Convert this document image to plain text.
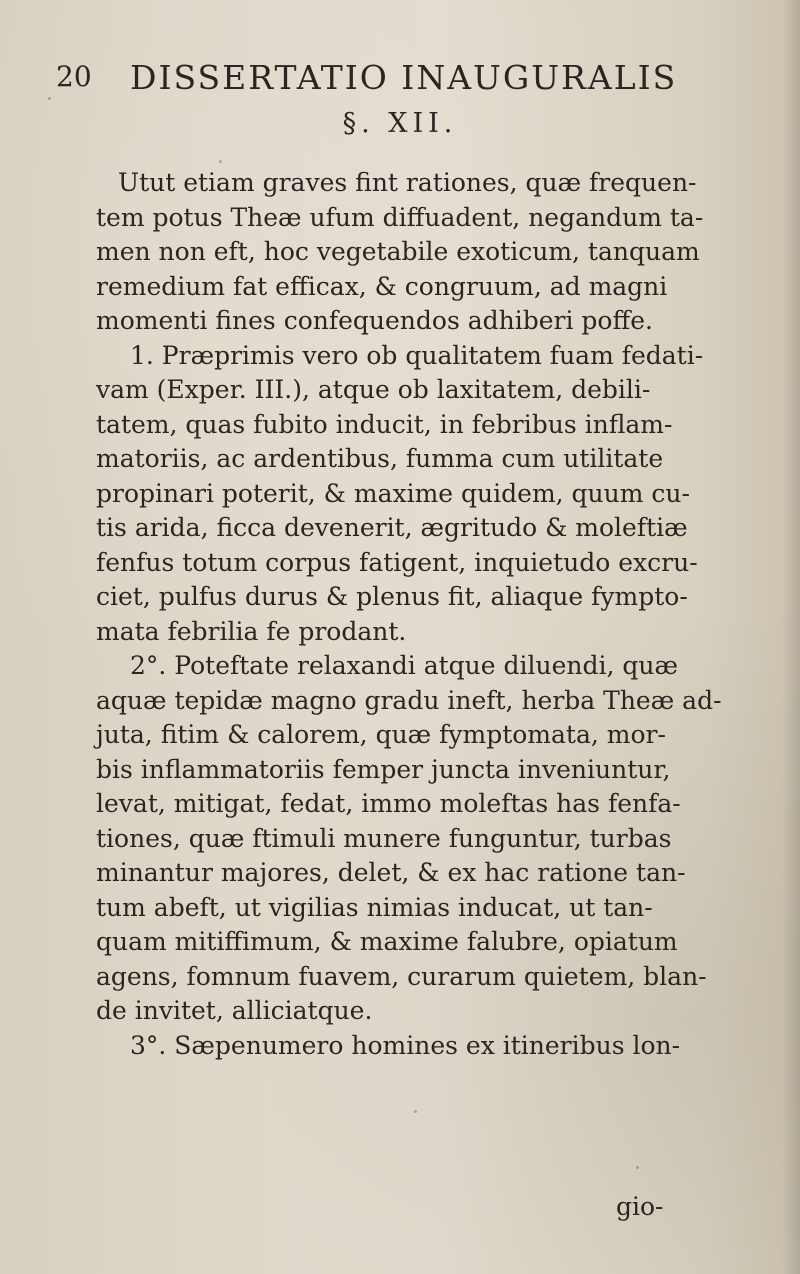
20 DISSERTATIO INAUGURALIS
§. XII.
Utut etiam graves fint rationes, quæ frequen-
tem potus Theæ ufum diffuadent, negandum ta-
men non eft, hoc vegetabile exoticum, tanquam
remedium fat efficax, & congruum, ad magni
momenti fines confequendos adhiberi poffe.
1. Præprimis vero ob qualitatem fuam fedati-
vam (Exper. III.), atque ob laxitatem, debili-
tatem, quas fubito inducit, in febribus inflam-
matoriis, ac ardentibus, fumma cum utilitate
propinari poterit, & maxime quidem, quum cu-
tis arida, ficca devenerit, ægritudo & moleftiæ
fenfus totum corpus fatigent, inquietudo excru-
ciet, pulfus durus & plenus fit, aliaque fympto-
mata febrilia fe prodant.
2°. Poteftate relaxandi atque diluendi, quæ
aquæ tepidæ magno gradu ineft, herba Theæ ad-
juta, fitim & calorem, quæ fymptomata, mor-
bis inflammatoriis femper juncta inveniuntur,
levat, mitigat, fedat, immo moleftas has fenfa-
tiones, quæ ftimuli munere funguntur, turbas
minantur majores, delet, & ex hac ratione tan-
tum abeft, ut vigilias nimias inducat, ut tan-
quam mitiffimum, & maxime falubre, opiatum
agens, fomnum fuavem, curarum quietem, blan-
de invitet, alliciatque.
3°. Sæpenumero homines ex itineribus lon-
gio-
